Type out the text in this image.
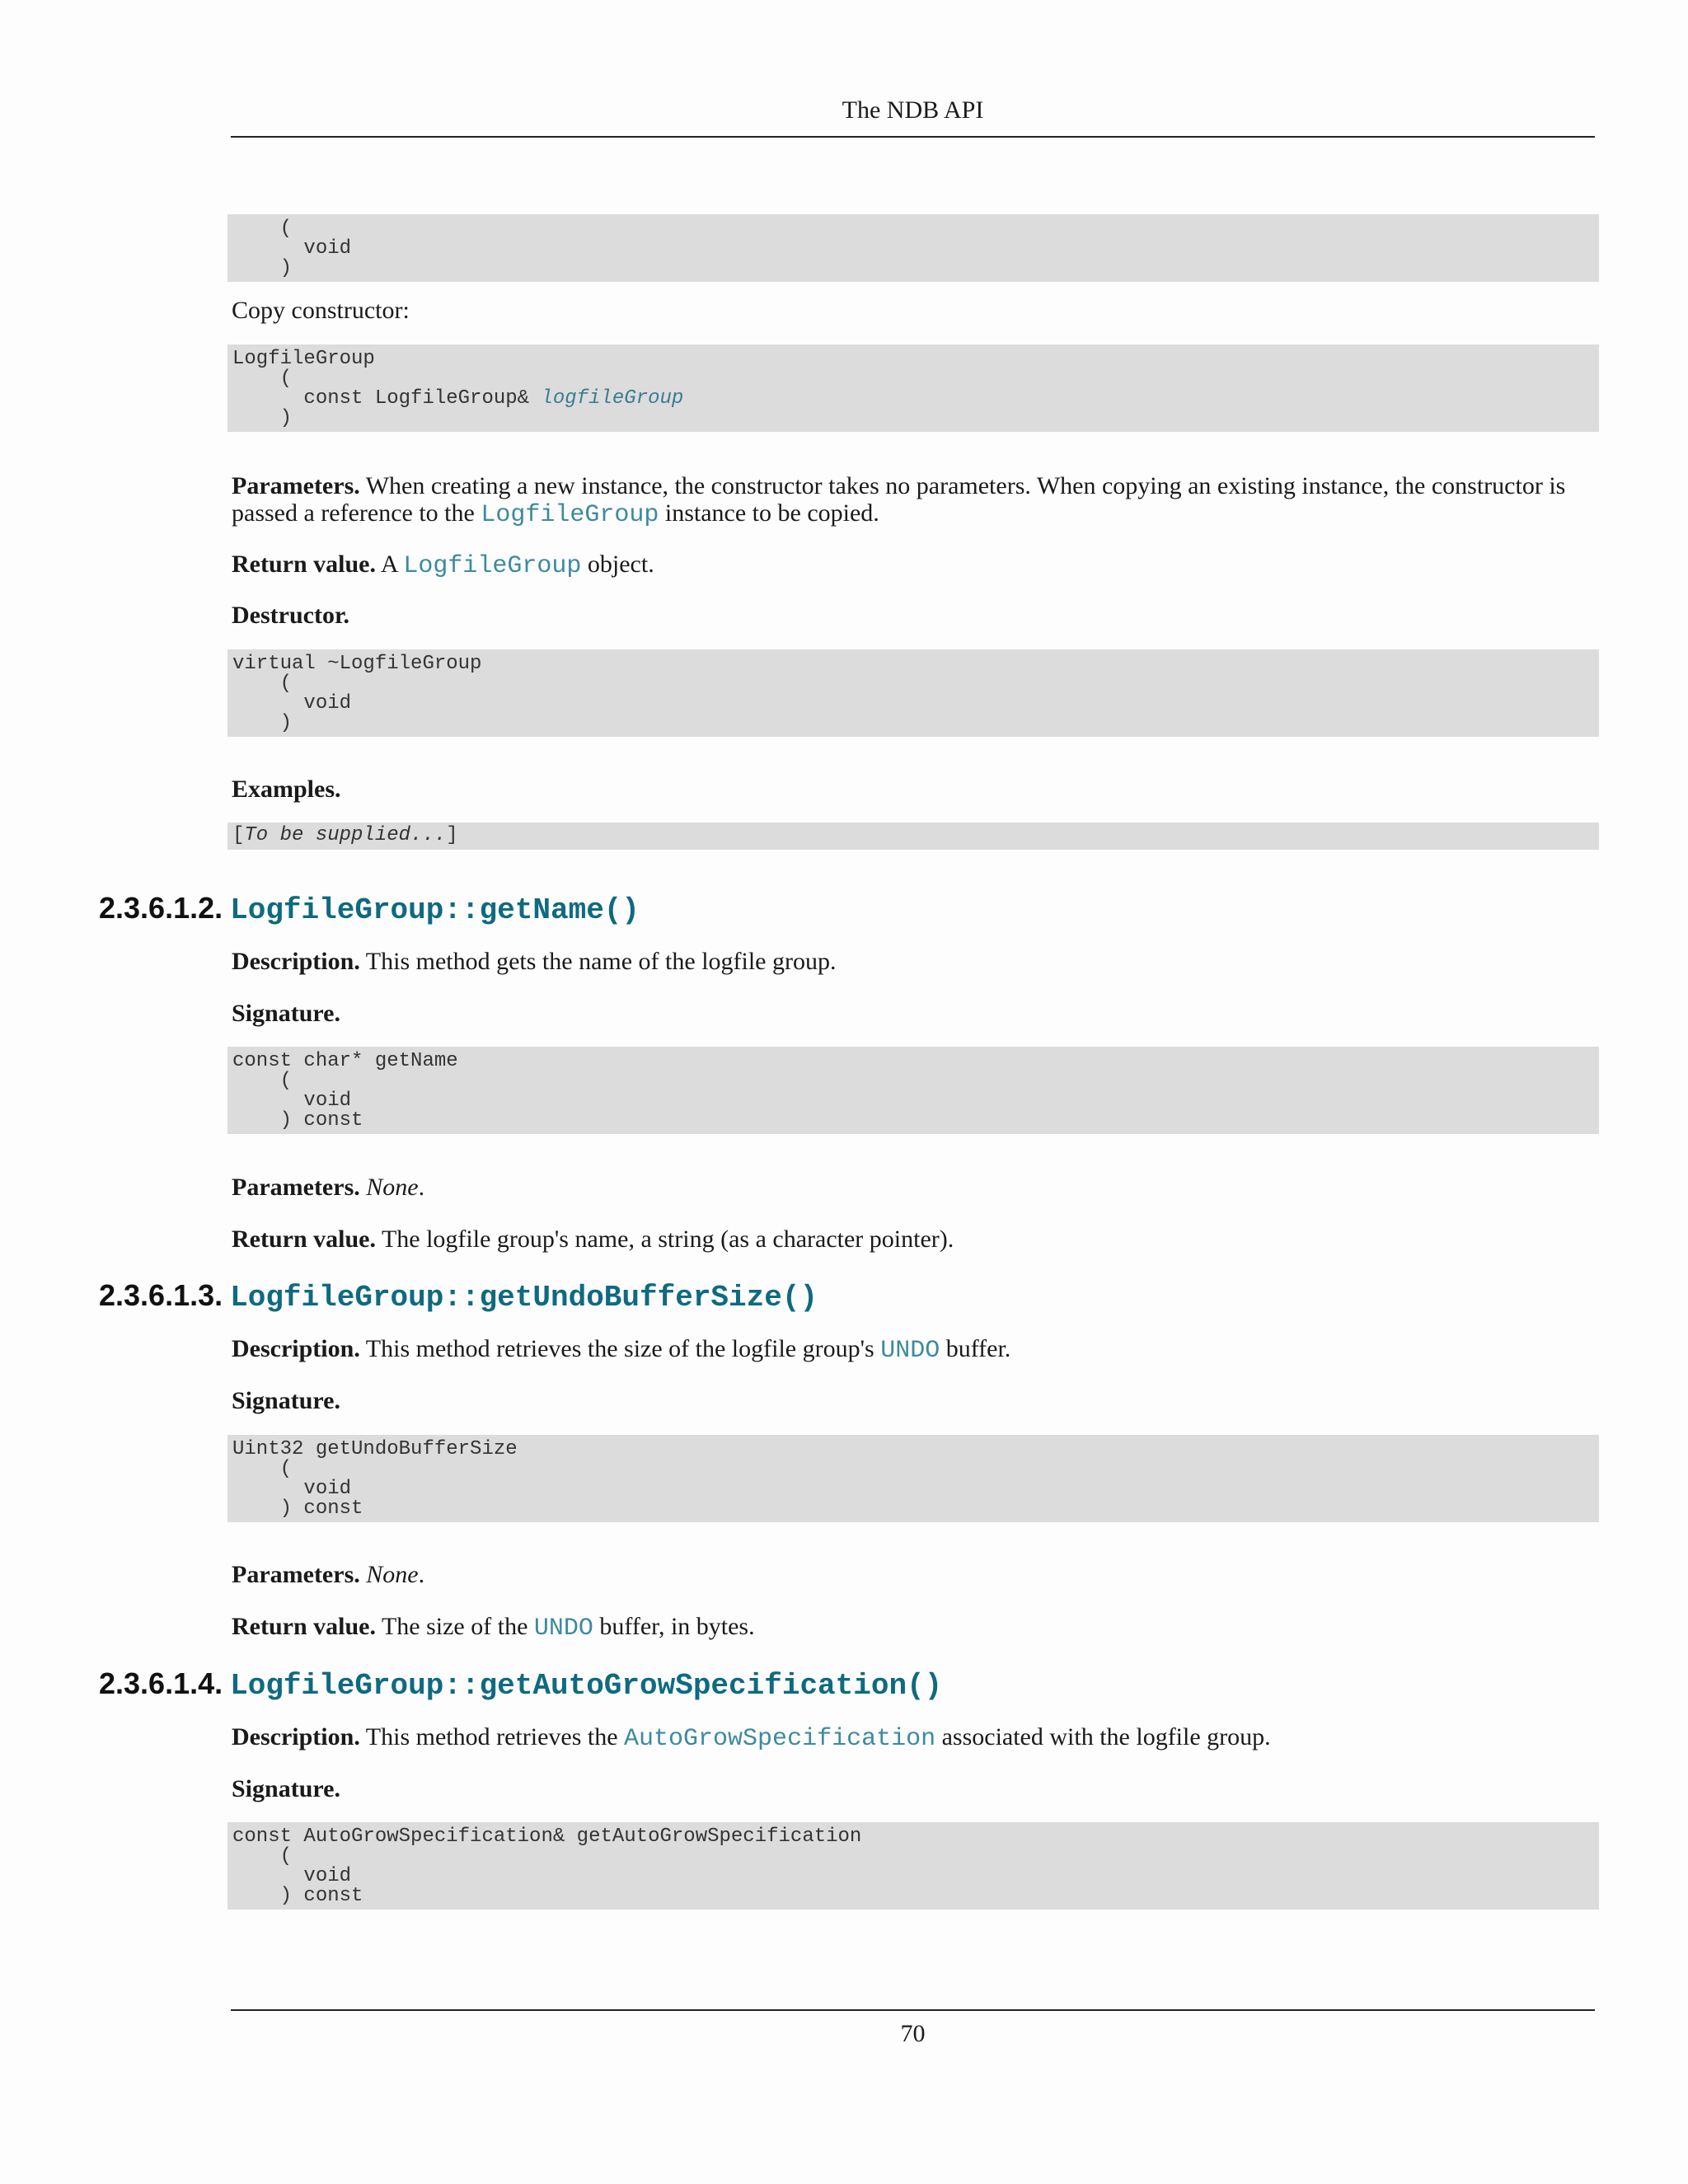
The NDB API
(
void
)
Copy constructor:
LogfileGroup
(
const LogfileGroup& logfileGroup
)
Parameters. When creating a new instance, the constructor takes no parameters. When copying an existing instance, the constructor is passed a reference to the LogfileGroup instance to be copied.
Return value. A LogfileGroup object.
Destructor.
virtual ~LogfileGroup
(
void
)
Examples.
[To be supplied...]
2.3.6.1.2. LogfileGroup::getName()
Description. This method gets the name of the logfile group.
Signature.
const char* getName
(
void
) const
Parameters. None.
Return value. The logfile group's name, a string (as a character pointer).
2.3.6.1.3. LogfileGroup::getUndoBufferSize()
Description. This method retrieves the size of the logfile group's UNDO buffer.
Signature.
Uint32 getUndoBufferSize
(
void
) const
Parameters. None.
Return value. The size of the UNDO buffer, in bytes.
2.3.6.1.4. LogfileGroup::getAutoGrowSpecification()
Description. This method retrieves the AutoGrowSpecification associated with the logfile group.
Signature.
const AutoGrowSpecification& getAutoGrowSpecification
(
void
) const
70
